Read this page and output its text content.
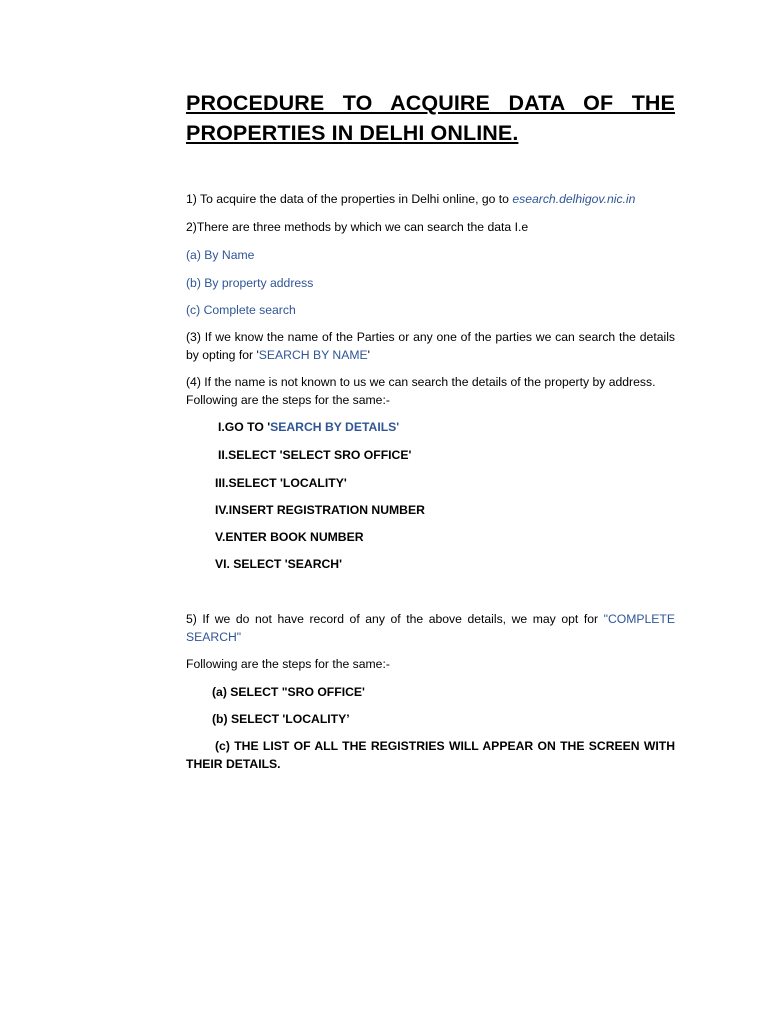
PROCEDURE TO ACQUIRE DATA OF THE PROPERTIES IN DELHI ONLINE.

1) To acquire the data of the properties in Delhi online, go to esearch.delhigov.nic.in

2)There are three methods by which we can search the data I.e

(a) By Name

(b) By property address

(c) Complete search

(3) If we know the name of the Parties or any one of the parties we can search the details by opting for 'SEARCH BY NAME'

(4) If the name is not known to us we can search the details of the property by address.
Following are the steps for the same:-

I.GO TO 'SEARCH BY DETAILS'

II.SELECT 'SELECT SRO OFFICE'

III.SELECT 'LOCALITY'

IV.INSERT REGISTRATION NUMBER

V.ENTER BOOK NUMBER

VI. SELECT 'SEARCH'

5) If we do not have record of any of the above details, we may opt for "COMPLETE SEARCH"

Following are the steps for the same:-

(a) SELECT "SRO OFFICE'

(b) SELECT 'LOCALITY’

(c) THE LIST OF ALL THE REGISTRIES WILL APPEAR ON THE SCREEN WITH THEIR DETAILS.
